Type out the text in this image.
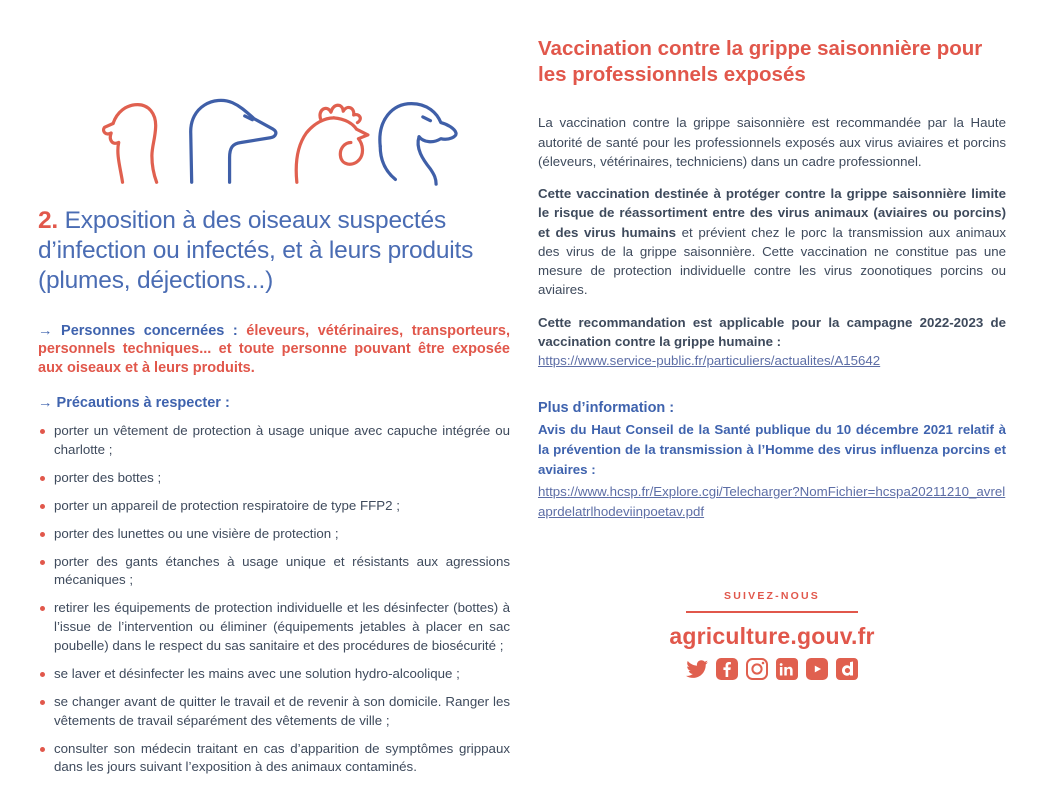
2. Exposition à des oiseaux suspectés d’infection ou infectés, et à leurs produits (plumes, déjections...)
→ Personnes concernées : éleveurs, vétérinaires, transporteurs, personnels techniques... et toute personne pouvant être exposée aux oiseaux et à leurs produits.
→ Précautions à respecter :
porter un vêtement de protection à usage unique avec capuche intégrée ou charlotte ;
porter des bottes ;
porter un appareil de protection respiratoire de type FFP2 ;
porter des lunettes ou une visière de protection ;
porter des gants étanches à usage unique et résistants aux agressions mécaniques ;
retirer les équipements de protection individuelle et les désinfecter (bottes) à l’issue de l’intervention ou éliminer (équipements jetables à placer en sac poubelle) dans le respect du sas sanitaire et des procédures de biosécurité ;
se laver et désinfecter les mains avec une solution hydro-alcoolique ;
se changer avant de quitter le travail et de revenir à son domicile. Ranger les vêtements de travail séparément des vêtements de ville ;
consulter son médecin traitant en cas d’apparition de symptômes grippaux dans les jours suivant l’exposition à des animaux contaminés.
Vaccination contre la grippe saisonnière pour les professionnels exposés

La vaccination contre la grippe saisonnière est recommandée par la Haute autorité de santé pour les professionnels exposés aux virus aviaires et porcins (éleveurs, vétérinaires, techniciens) dans un cadre professionnel.

Cette vaccination destinée à protéger contre la grippe saisonnière limite le risque de réassortiment entre des virus animaux (aviaires ou porcins) et des virus humains et prévient chez le porc la transmission aux animaux des virus de la grippe saisonnière. Cette vaccination ne constitue pas une mesure de protection individuelle contre les virus zoonotiques porcins ou aviaires.

Cette recommandation est applicable pour la campagne 2022-2023 de vaccination contre la grippe humaine :

https://www.service-public.fr/particuliers/actualites/A15642
Plus d’information :
Avis du Haut Conseil de la Santé publique du 10 décembre 2021 relatif à la prévention de la transmission à l’Homme des virus influenza porcins et aviaires :
https://www.hcsp.fr/Explore.cgi/Telecharger?NomFichier=hcspa20211210_avrelaprdelatrlhodeviinpoetav.pdf
SUIVEZ-NOUS
agriculture.gouv.fr
